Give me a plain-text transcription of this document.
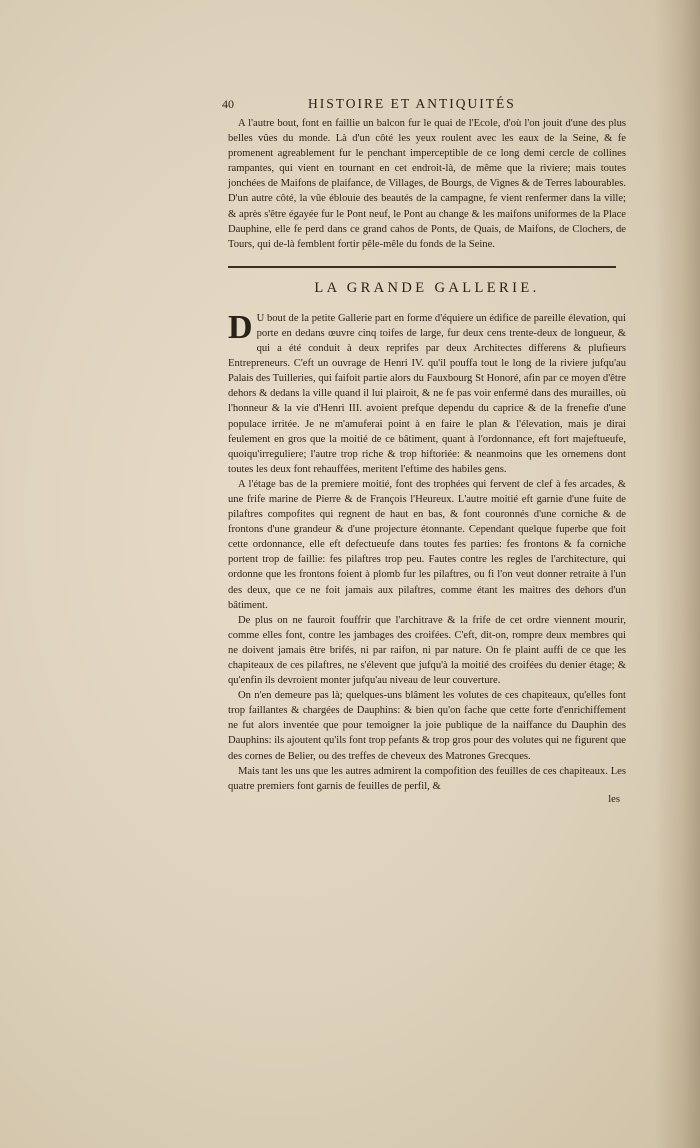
40	HISTOIRE ET ANTIQUITÉS

A l'autre bout, font en faillie un balcon fur le quai de l'Ecole, d'où l'on jouit d'une des plus belles vûes du monde. Là d'un côté les yeux roulent avec les eaux de la Seine, & fe promenent agreablement fur le penchant imperceptible de ce long demi cercle de collines rampantes, qui vient en tournant en cet endroit-là, de même que la riviere; mais toutes jonchées de Maifons de plaifance, de Villages, de Bourgs, de Vignes & de Terres labourables. D'un autre côté, la vûe éblouie des beautés de la campagne, fe vient renfermer dans la ville; & après s'être égayée fur le Pont neuf, le Pont au change & les maifons uniformes de la Place Dauphine, elle fe perd dans ce grand cahos de Ponts, de Quais, de Maifons, de Clochers, de Tours, qui de-là femblent fortir pêle-mêle du fonds de la Seine.

LA GRANDE GALLERIE.

D U bout de la petite Gallerie part en forme d'équiere un édifice de pareille élevation, qui porte en dedans œuvre cinq toifes de large, fur deux cens trente-deux de longueur, & qui a été conduit à deux reprifes par deux Architectes differens & plufieurs Entrepreneurs. C'eft un ouvrage de Henri IV. qu'il pouffa tout le long de la riviere jufqu'au Palais des Tuilleries, qui faifoit partie alors du Fauxbourg St Honoré, afin par ce moyen d'être dehors & dedans la ville quand il lui plairoit, & ne fe pas voir enfermé dans des murailles, où l'honneur & la vie d'Henri III. avoient prefque dependu du caprice & de la frenefie d'une populace irritée. Je ne m'amuferai point à en faire le plan & l'élevation, mais je dirai feulement en gros que la moitié de ce bâtiment, quant à l'ordonnance, eft fort majeftueufe, quoiqu'irreguliere; l'autre trop riche & trop hiftoriée: & neanmoins que les ornemens dont toutes les deux font rehauffées, meritent l'eftime des habiles gens.

A l'étage bas de la premiere moitié, font des trophées qui fervent de clef à fes arcades, & une frife marine de Pierre & de François l'Heureux. L'autre moitié eft garnie d'une fuite de pilaftres compofites qui regnent de haut en bas, & font couronnés d'une corniche & de frontons d'une grandeur & d'une projecture étonnante. Cependant quelque fuperbe que foit cette ordonnance, elle eft defectueufe dans toutes fes parties: fes frontons & fa corniche portent trop de faillie: fes pilaftres trop peu. Fautes contre les regles de l'architecture, qui ordonne que les frontons foient à plomb fur les pilaftres, ou fi l'on veut donner retraite à l'un des deux, que ce ne foit jamais aux pilaftres, comme étant les maitres des dehors d'un bâtiment.

De plus on ne fauroit fouffrir que l'architrave & la frife de cet ordre viennent mourir, comme elles font, contre les jambages des croifées. C'eft, dit-on, rompre deux membres qui ne doivent jamais être brifés, ni par raifon, ni par nature. On fe plaint auffi de ce que les chapiteaux de ces pilaftres, ne s'élevent que jufqu'à la moitié des croifées du denier étage; & qu'enfin ils devroient monter jufqu'au niveau de leur couverture.

On n'en demeure pas là; quelques-uns blâment les volutes de ces chapiteaux, qu'elles font trop faillantes & chargées de Dauphins: & bien qu'on fache que cette forte d'enrichiffement ne fut alors inventée que pour temoigner la joie publique de la naiffance du Dauphin des Dauphins: ils ajoutent qu'ils font trop pefants & trop gros pour des volutes qui ne figurent que des cornes de Belier, ou des treffes de cheveux des Matrones Grecques.

Mais tant les uns que les autres admirent la compofition des feuilles de ces chapiteaux. Les quatre premiers font garnis de feuilles de perfil, &

les
